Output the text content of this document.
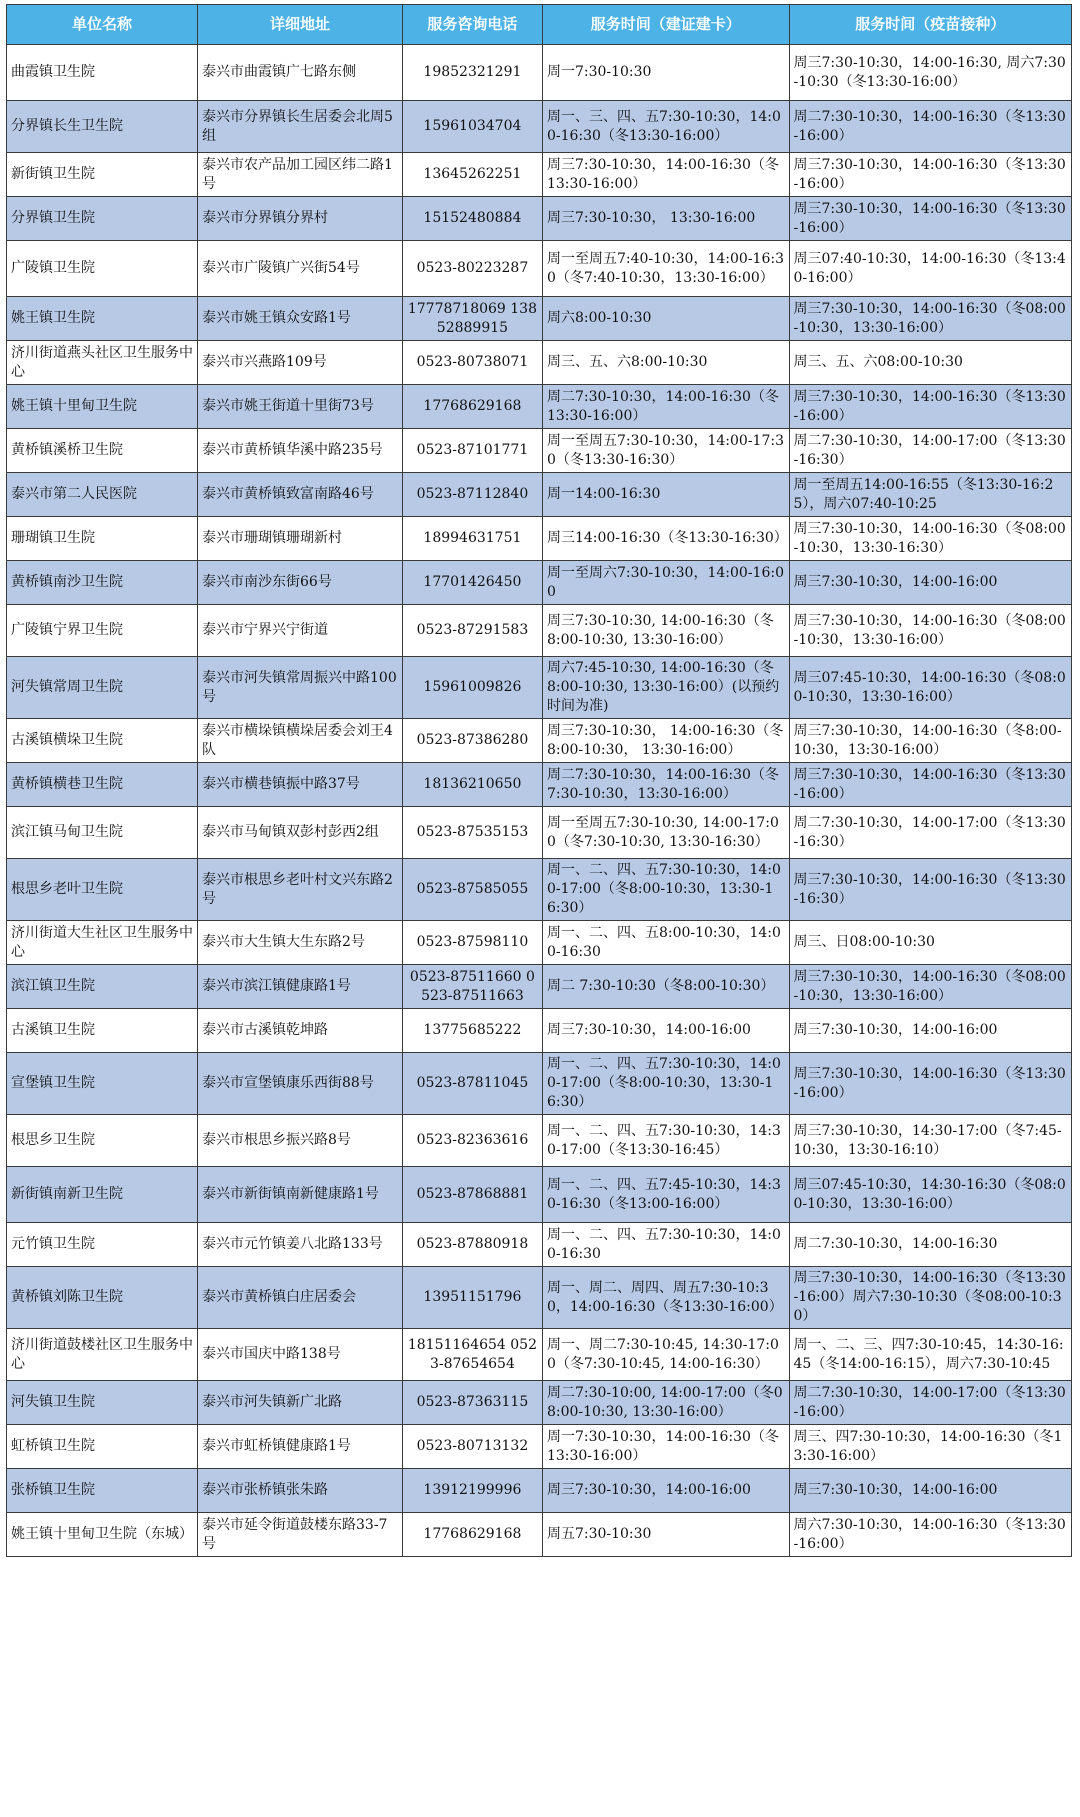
单位名称	详细地址	服务咨询电话	服务时间（建证建卡）	服务时间（疫苗接种）
曲霞镇卫生院	泰兴市曲霞镇广七路东侧	19852321291	周一7:30-10:30	周三7:30-10:30，14:00-16:30, 周六7:30-10:30（冬13:30-16:00）
分界镇长生卫生院	泰兴市分界镇长生居委会北周5组	15961034704	周一、三、四、五7:30-10:30，14:00-16:30（冬13:30-16:00）	周二7:30-10:30，14:00-16:30（冬13:30-16:00）
新街镇卫生院	泰兴市农产品加工园区纬二路1号	13645262251	周三7:30-10:30，14:00-16:30（冬13:30-16:00）	周三7:30-10:30，14:00-16:30（冬13:30-16:00）
分界镇卫生院	泰兴市分界镇分界村	15152480884	周三7:30-10:30， 13:30-16:00	周三7:30-10:30，14:00-16:30（冬13:30-16:00）
广陵镇卫生院	泰兴市广陵镇广兴街54号	0523-80223287	周一至周五7:40-10:30，14:00-16:30（冬7:40-10:30，13:30-16:00）	周三07:40-10:30，14:00-16:30（冬13:40-16:00）
姚王镇卫生院	泰兴市姚王镇众安路1号	17778718069 13852889915	周六8:00-10:30	周三7:30-10:30，14:00-16:30（冬08:00-10:30，13:30-16:00）
济川街道燕头社区卫生服务中心	泰兴市兴燕路109号	0523-80738071	周三、五、六8:00-10:30	周三、五、六08:00-10:30
姚王镇十里甸卫生院	泰兴市姚王街道十里街73号	17768629168	周二7:30-10:30，14:00-16:30（冬13:30-16:00）	周三7:30-10:30，14:00-16:30（冬13:30-16:00）
黄桥镇溪桥卫生院	泰兴市黄桥镇华溪中路235号	0523-87101771	周一至周五7:30-10:30，14:00-17:30（冬13:30-16:30）	周二7:30-10:30，14:00-17:00（冬13:30-16:30）
泰兴市第二人民医院	泰兴市黄桥镇致富南路46号	0523-87112840	周一14:00-16:30	周一至周五14:00-16:55（冬13:30-16:25），周六07:40-10:25
珊瑚镇卫生院	泰兴市珊瑚镇珊瑚新村	18994631751	周三14:00-16:30（冬13:30-16:30）	周三7:30-10:30，14:00-16:30（冬08:00-10:30，13:30-16:30）
黄桥镇南沙卫生院	泰兴市南沙东街66号	17701426450	周一至周六7:30-10:30，14:00-16:00	周三7:30-10:30，14:00-16:00
广陵镇宁界卫生院	泰兴市宁界兴宁街道	0523-87291583	周三7:30-10:30, 14:00-16:30（冬8:00-10:30, 13:30-16:00）	周三7:30-10:30，14:00-16:30（冬08:00-10:30，13:30-16:00）
河失镇常周卫生院	泰兴市河失镇常周振兴中路100号	15961009826	周六7:45-10:30, 14:00-16:30（冬8:00-10:30, 13:30-16:00）(以预约时间为准)	周三07:45-10:30，14:00-16:30（冬08:00-10:30，13:30-16:00）
古溪镇横垛卫生院	泰兴市横垛镇横垛居委会刘王4队	0523-87386280	周三7:30-10:30， 14:00-16:30（冬8:00-10:30， 13:30-16:00）	周三7:30-10:30，14:00-16:30（冬8:00-10:30，13:30-16:00）
黄桥镇横巷卫生院	泰兴市横巷镇振中路37号	18136210650	周二7:30-10:30，14:00-16:30（冬7:30-10:30，13:30-16:00）	周三7:30-10:30，14:00-16:30（冬13:30-16:00）
滨江镇马甸卫生院	泰兴市马甸镇双彭村彭西2组	0523-87535153	周一至周五7:30-10:30, 14:00-17:00（冬7:30-10:30, 13:30-16:30）	周二7:30-10:30，14:00-17:00（冬13:30-16:30）
根思乡老叶卫生院	泰兴市根思乡老叶村文兴东路2号	0523-87585055	周一、二、四、五7:30-10:30，14:00-17:00（冬8:00-10:30，13:30-16:30）	周三7:30-10:30，14:00-16:30（冬13:30-16:30）
济川街道大生社区卫生服务中心	泰兴市大生镇大生东路2号	0523-87598110	周一、二、四、五8:00-10:30，14:00-16:30	周三、日08:00-10:30
滨江镇卫生院	泰兴市滨江镇健康路1号	0523-87511660 0523-87511663	周二 7:30-10:30（冬8:00-10:30）	周三7:30-10:30，14:00-16:30（冬08:00-10:30，13:30-16:00）
古溪镇卫生院	泰兴市古溪镇乾坤路	13775685222	周三7:30-10:30，14:00-16:00	周三7:30-10:30，14:00-16:00
宣堡镇卫生院	泰兴市宣堡镇康乐西街88号	0523-87811045	周一、二、四、五7:30-10:30，14:00-17:00（冬8:00-10:30，13:30-16:30）	周三7:30-10:30，14:00-16:30（冬13:30-16:00）
根思乡卫生院	泰兴市根思乡振兴路8号	0523-82363616	周一、二、四、五7:30-10:30，14:30-17:00（冬13:30-16:45）	周三7:30-10:30，14:30-17:00（冬7:45-10:30，13:30-16:10）
新街镇南新卫生院	泰兴市新街镇南新健康路1号	0523-87868881	周一、二、四、五7:45-10:30，14:30-16:30（冬13:00-16:00）	周三07:45-10:30，14:30-16:30（冬08:00-10:30，13:30-16:00）
元竹镇卫生院	泰兴市元竹镇姜八北路133号	0523-87880918	周一、二、四、五7:30-10:30，14:00-16:30	周二7:30-10:30，14:00-16:30
黄桥镇刘陈卫生院	泰兴市黄桥镇白庄居委会	13951151796	周一、周二、周四、周五7:30-10:30，14:00-16:30（冬13:30-16:00）	周三7:30-10:30，14:00-16:30（冬13:30-16:00）周六7:30-10:30（冬08:00-10:30）
济川街道鼓楼社区卫生服务中心	泰兴市国庆中路138号	18151164654 0523-87654654	周一、周二7:30-10:45, 14:30-17:00（冬7:30-10:45, 14:00-16:30）	周一、二、三、四7:30-10:45，14:30-16:45（冬14:00-16:15），周六7:30-10:45
河失镇卫生院	泰兴市河失镇新广北路	0523-87363115	周二7:30-10:00, 14:00-17:00（冬08:00-10:30, 13:30-16:00）	周二7:30-10:30，14:00-17:00（冬13:30-16:00）
虹桥镇卫生院	泰兴市虹桥镇健康路1号	0523-80713132	周一7:30-10:30，14:00-16:30（冬13:30-16:00）	周三、四7:30-10:30，14:00-16:30（冬13:30-16:00）
张桥镇卫生院	泰兴市张桥镇张朱路	13912199996	周三7:30-10:30，14:00-16:00	周三7:30-10:30，14:00-16:00
姚王镇十里甸卫生院（东城）	泰兴市延令街道鼓楼东路33-7号	17768629168	周五7:30-10:30	周六7:30-10:30，14:00-16:30（冬13:30-16:00）
